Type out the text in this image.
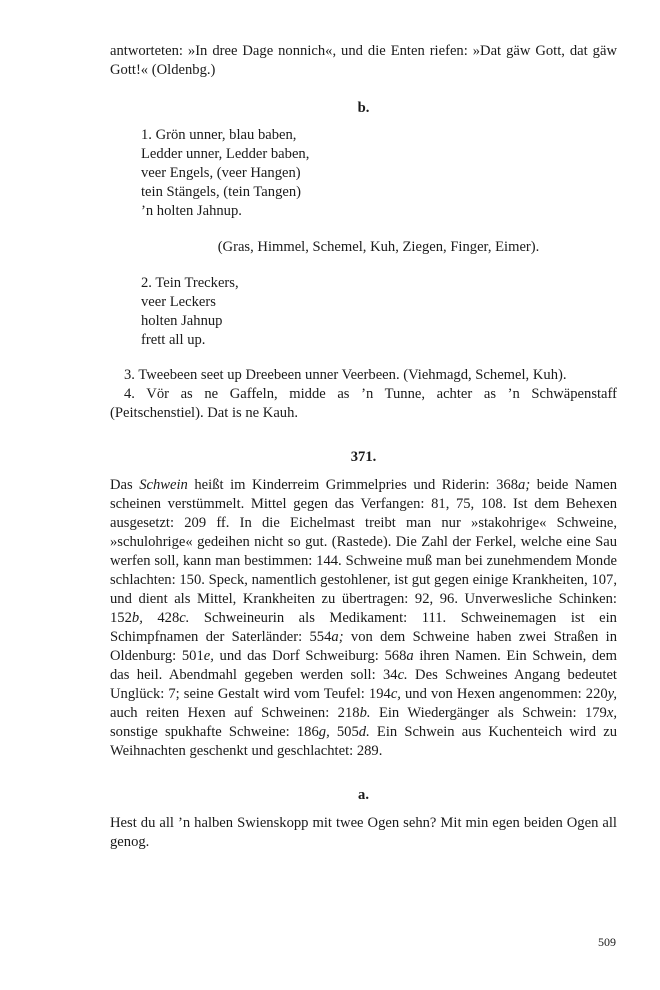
antworteten: »In dree Dage nonnich«, und die Enten riefen: »Dat gäw Gott, dat gäw Gott!« (Oldenbg.)

b.

1. Grön unner, blau baben,
Ledder unner, Ledder baben,
veer Engels, (veer Hangen)
tein Stängels, (tein Tangen)
’n holten Jahnup.

(Gras, Himmel, Schemel, Kuh, Ziegen, Finger, Eimer).

2. Tein Treckers,
veer Leckers
holten Jahnup
frett all up.

3. Tweebeen seet up Dreebeen unner Veerbeen. (Viehmagd, Schemel, Kuh).

4. Vör as ne Gaffeln, midde as ’n Tunne, achter as ’n Schwäpenstaff (Peitschenstiel). Dat is ne Kauh.

371.

Das Schwein heißt im Kinderreim Grimmelpries und Riderin: 368a; beide Namen scheinen verstümmelt. Mittel gegen das Verfangen: 81, 75, 108. Ist dem Behexen ausgesetzt: 209 ff. In die Eichelmast treibt man nur »stakohrige« Schweine, »schulohrige« gedeihen nicht so gut. (Rastede). Die Zahl der Ferkel, welche eine Sau werfen soll, kann man bestimmen: 144. Schweine muß man bei zunehmendem Monde schlachten: 150. Speck, namentlich gestohlener, ist gut gegen einige Krankheiten, 107, und dient als Mittel, Krankheiten zu übertragen: 92, 96. Unverwesliche Schinken: 152b, 428c. Schweineurin als Medikament: 111. Schweinemagen ist ein Schimpfnamen der Saterländer: 554a; von dem Schweine haben zwei Straßen in Oldenburg: 501e, und das Dorf Schweiburg: 568a ihren Namen. Ein Schwein, dem das heil. Abendmahl gegeben werden soll: 34c. Des Schweines Angang bedeutet Unglück: 7; seine Gestalt wird vom Teufel: 194c, und von Hexen angenommen: 220y, auch reiten Hexen auf Schweinen: 218b. Ein Wiedergänger als Schwein: 179x, sonstige spukhafte Schweine: 186g, 505d. Ein Schwein aus Kuchenteich wird zu Weihnachten geschenkt und geschlachtet: 289.

a.

Hest du all ’n halben Swienskopp mit twee Ogen sehn? Mit min egen beiden Ogen all genog.

509
